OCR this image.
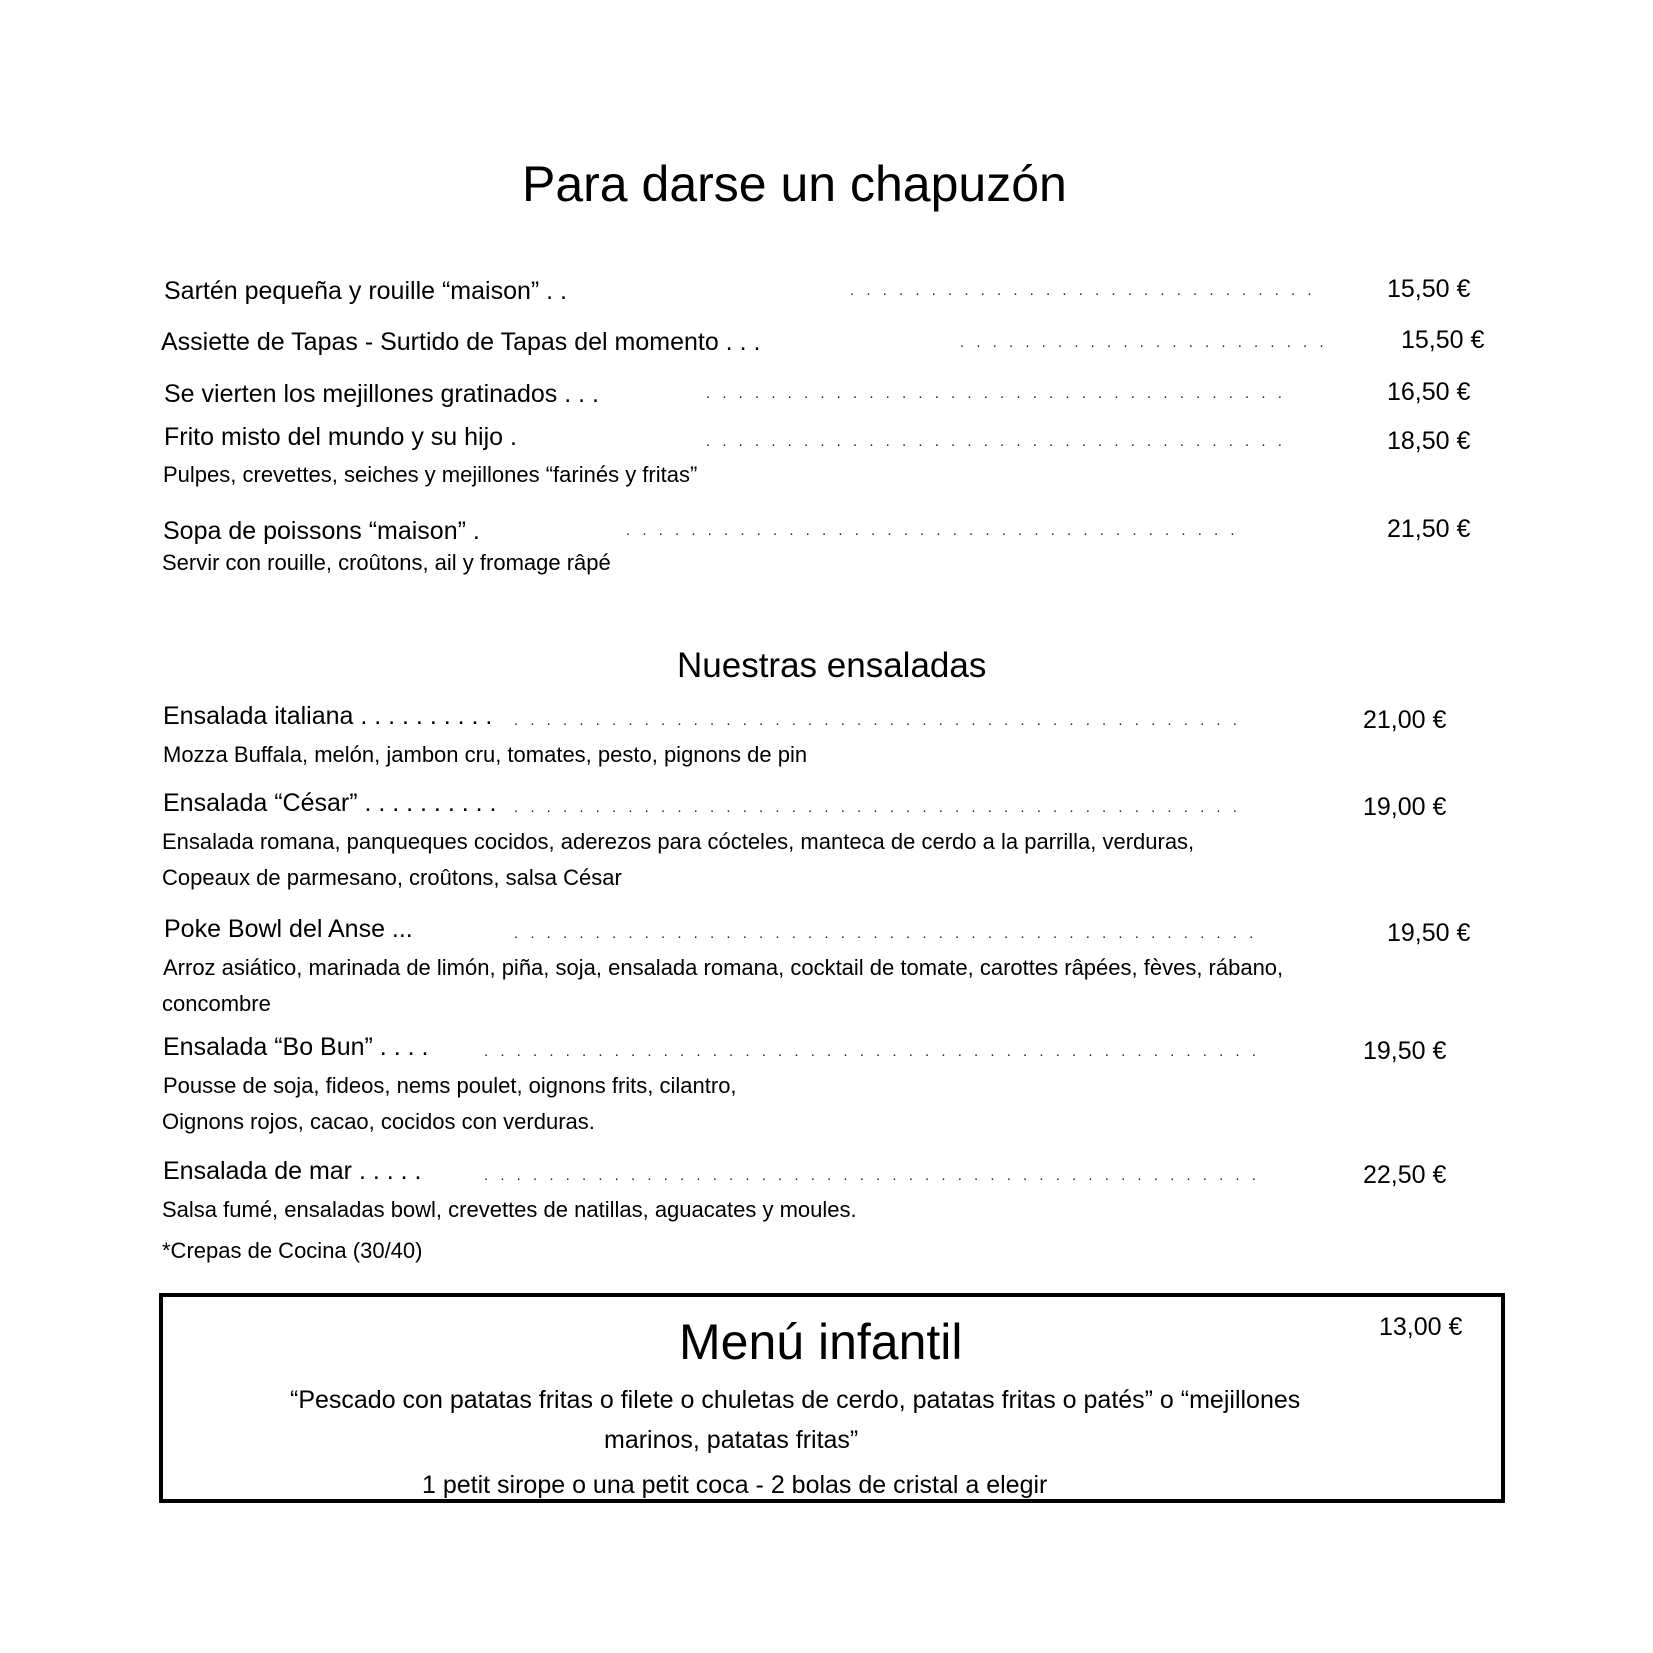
Para darse un chapuzón
Sartén pequeña y rouille “maison” . .	. . . . . . . . . . . . . . . . . . . . . . . . . . . . .	15,50 €
Assiette de Tapas - Surtido de Tapas del momento . . .	. . . . . . . . . . . . . . . . . . . . . . .	15,50 €
Se vierten los mejillones gratinados . . .	. . . . . . . . . . . . . . . . . . . . . . . . . . . . . . . . . . . .	16,50 €
Frito misto del mundo y su hijo .	. . . . . . . . . . . . . . . . . . . . . . . . . . . . . . . . . . . .	18,50 €
Pulpes, crevettes, seiches y mejillones “farinés y fritas”
Sopa de poissons “maison” .	. . . . . . . . . . . . . . . . . . . . . . . . . . . . . . . . . . . . . .	21,50 €
Servir con rouille, croûtons, ail y fromage râpé
Nuestras ensaladas
Ensalada italiana . . . . . . . . . . . . . . . . . . . . . . . . . . . . . . . . . . . . . . . . . . . . . . . . . . . . . . .	21,00 €
Mozza Buffala, melón, jambon cru, tomates, pesto, pignons de pin
Ensalada “César” . . . . . . . . . . . . . . . . . . . . . . . . . . . . . . . . . . . . . . . . . . . . . . . . . . . . . . .	19,00 €
Ensalada romana, panqueques cocidos, aderezos para cócteles, manteca de cerdo a la parrilla, verduras,
Copeaux de parmesano, croûtons, salsa César
Poke Bowl del Anse ...	. . . . . . . . . . . . . . . . . . . . . . . . . . . . . . . . . . . . . . . . . . . . . .	19,50 €
Arroz asiático, marinada de limón, piña, soja, ensalada romana, cocktail de tomate, carottes râpées, fèves, rábano,
concombre
Ensalada “Bo Bun” . . . .	. . . . . . . . . . . . . . . . . . . . . . . . . . . . . . . . . . . . . . . . . . . . . . . .	19,50 €
Pousse de soja, fideos, nems poulet, oignons frits, cilantro,
Oignons rojos, cacao, cocidos con verduras.
Ensalada de mar . . . . .	. . . . . . . . . . . . . . . . . . . . . . . . . . . . . . . . . . . . . . . . . . . . . . . .	22,50 €
Salsa fumé, ensaladas bowl, crevettes de natillas, aguacates y moules.
*Crepas de Cocina (30/40)
Menú infantil	13,00 €
“Pescado con patatas fritas o filete o chuletas de cerdo, patatas fritas o patés” o “mejillones
marinos, patatas fritas”
1 petit sirope o una petit coca - 2 bolas de cristal a elegir
